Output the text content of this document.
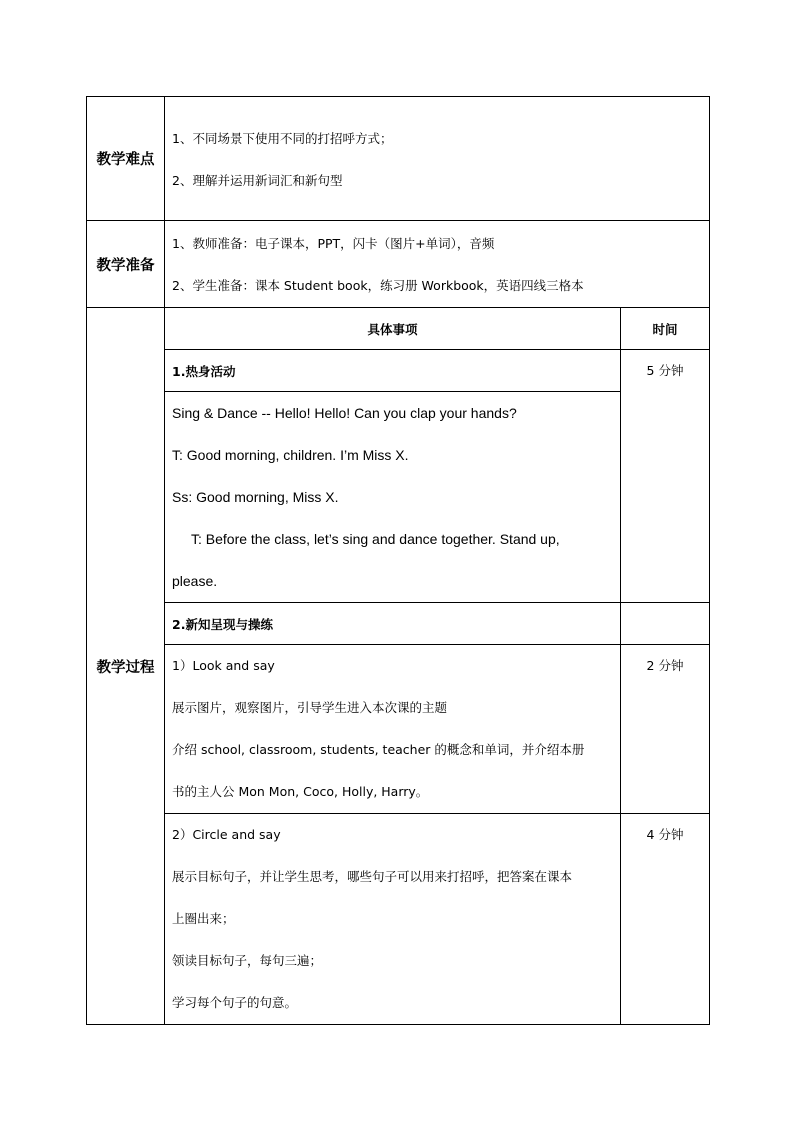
教学难点	1、不同场景下使用不同的打招呼方式；
2、理解并运用新词汇和新句型	

教学准备	1、教师准备：电子课本，PPT，闪卡（图片+单词），音频
2、学生准备：课本 Student book，练习册 Workbook，英语四线三格本	

教学过程	具体事项	时间
	1.热身活动	5 分钟

	Sing & Dance -- Hello! Hello! Can you clap your hands?
T: Good morning, children. I’m Miss X.
Ss: Good morning, Miss X.
T: Before the class, let’s sing and dance together. Stand up,
please.	

	2.新知呈现与操练	

	1）Look and say
展示图片，观察图片，引导学生进入本次课的主题
介绍 school, classroom, students, teacher 的概念和单词，并介绍本册
书的主人公 Mon Mon, Coco, Holly, Harry。	2 分钟

	2）Circle and say
展示目标句子，并让学生思考，哪些句子可以用来打招呼，把答案在课本
上圈出来；
领读目标句子，每句三遍；
学习每个句子的句意。	4 分钟
